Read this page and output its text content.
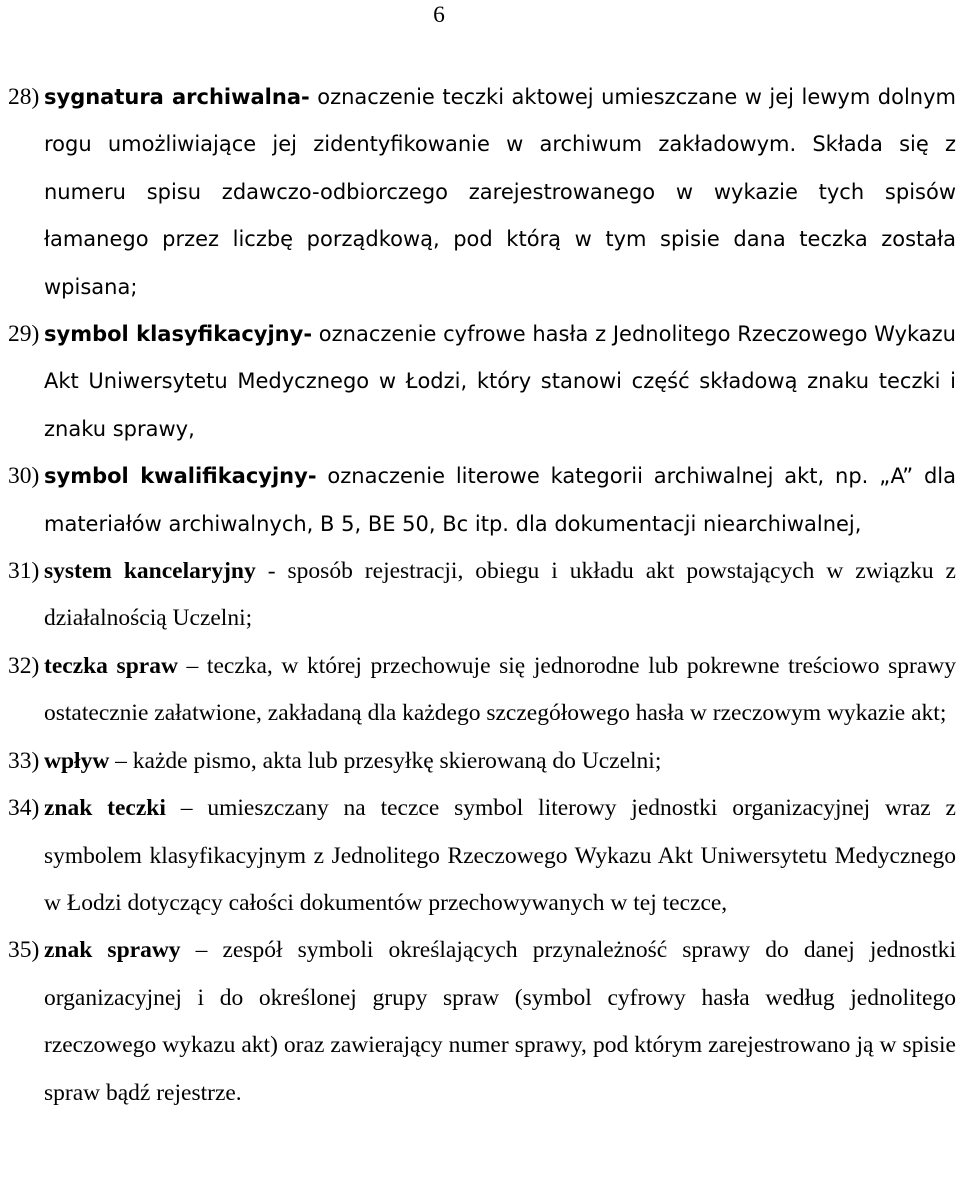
6
28) sygnatura archiwalna- oznaczenie teczki aktowej umieszczane w jej lewym dolnym rogu umożliwiające jej zidentyfikowanie w archiwum zakładowym. Składa się z numeru spisu zdawczo-odbiorczego zarejestrowanego w wykazie tych spisów łamanego przez liczbę porządkową, pod którą w tym spisie dana teczka została wpisana;
29) symbol klasyfikacyjny- oznaczenie cyfrowe hasła z Jednolitego Rzeczowego Wykazu Akt Uniwersytetu Medycznego w Łodzi, który stanowi część składową znaku teczki i znaku sprawy,
30) symbol kwalifikacyjny- oznaczenie literowe kategorii archiwalnej akt, np. „A” dla materiałów archiwalnych, B 5, BE 50, Bc itp. dla dokumentacji niearchiwalnej,
31) system kancelaryjny - sposób rejestracji, obiegu i układu akt powstających w związku z działalnością Uczelni;
32) teczka spraw – teczka, w której przechowuje się jednorodne lub pokrewne treściowo sprawy ostatecznie załatwione, zakładaną dla każdego szczegółowego hasła w rzeczowym wykazie akt;
33) wpływ – każde pismo, akta lub przesyłkę skierowaną do Uczelni;
34) znak teczki – umieszczany na teczce symbol literowy jednostki organizacyjnej wraz z symbolem klasyfikacyjnym z Jednolitego Rzeczowego Wykazu Akt Uniwersytetu Medycznego w Łodzi dotyczący całości dokumentów przechowywanych w tej teczce,
35) znak sprawy – zespół symboli określających przynależność sprawy do danej jednostki organizacyjnej i do określonej grupy spraw (symbol cyfrowy hasła według jednolitego rzeczowego wykazu akt) oraz zawierający numer sprawy, pod którym zarejestrowano ją w spisie spraw bądź rejestrze.
